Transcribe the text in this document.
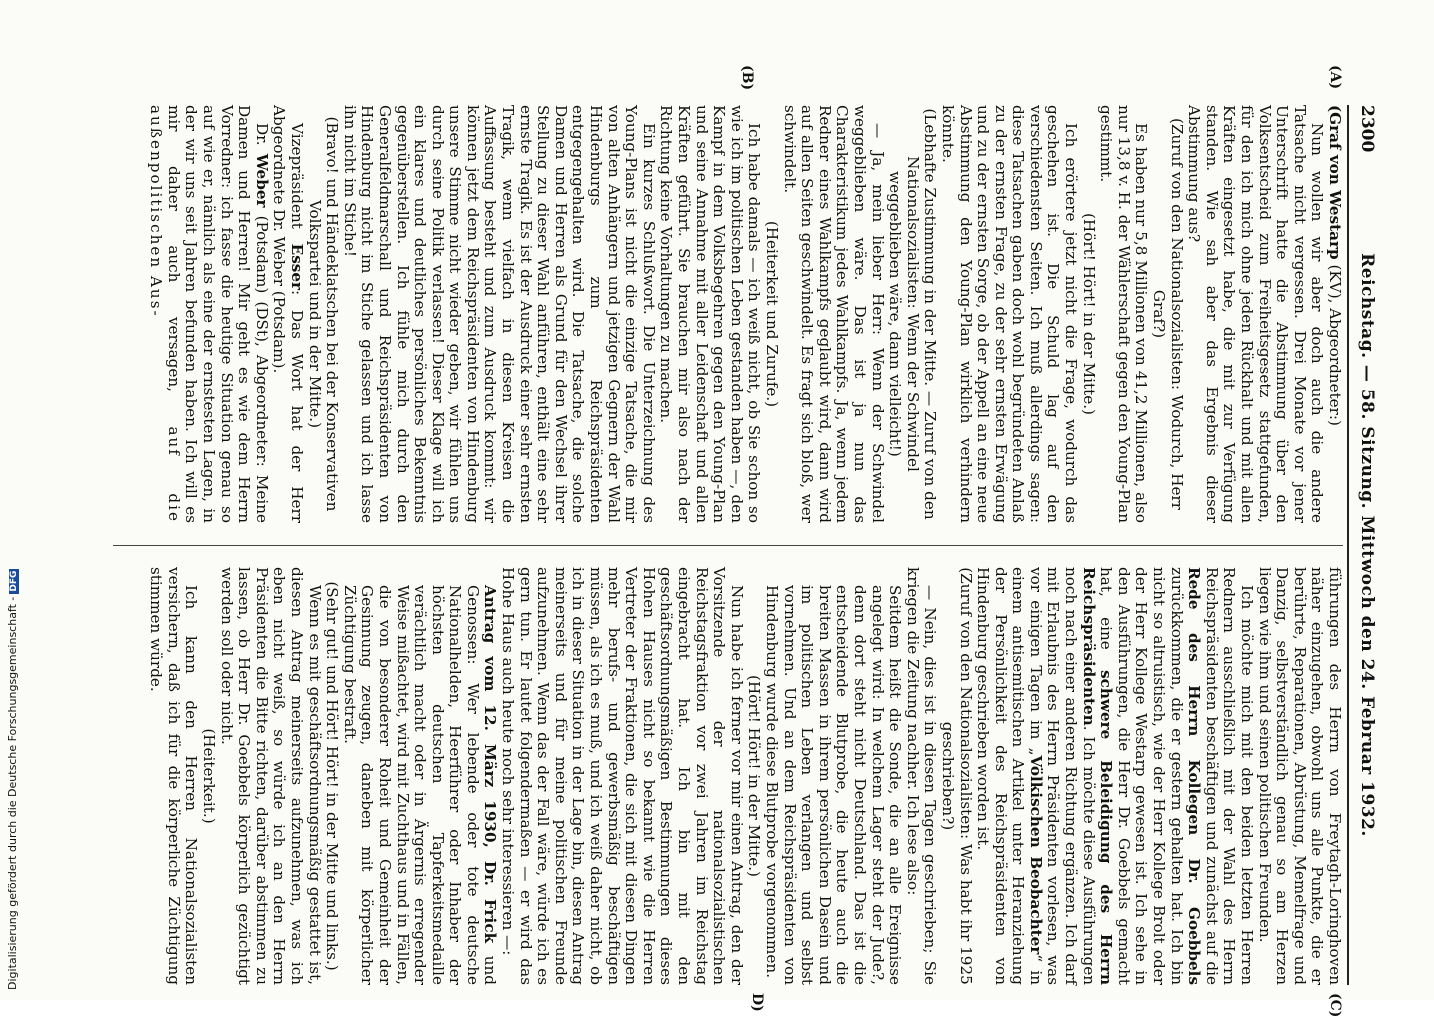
2300
Reichstag. — 58. Sitzung. Mittwoch den 24. Februar 1932.
(A)
(B)
(C)
D)

(Graf von Westarp (KV), Abgeordneter:)

Nun wollen wir aber doch auch die andere Tatsache nicht vergessen. Drei Monate vor jener Unterschrift hatte die Abstimmung über den Volksentscheid zum Freiheitsgesetz stattgefunden, für den ich mich ohne jeden Rückhalt und mit allen Kräften eingesetzt habe, die mit zur Verfügung standen. Wie sah aber das Ergebnis dieser Abstimmung aus?

(Zuruf von den Nationalsozialisten: Wodurch, Herr Graf?)

Es haben nur 5,8 Millionen von 41,2 Millionen, also nur 13,8 v. H. der Wählerschaft gegen den Young-Plan gestimmt.

(Hört! Hört! in der Mitte.)

Ich erörtere jetzt nicht die Frage, wodurch das geschehen ist. Die Schuld lag auf den verschiedensten Seiten. Ich muß allerdings sagen: diese Tatsachen gaben doch wohl begründeten Anlaß zu der ernsten Frage, zu der sehr ernsten Erwägung und zu der ernsten Sorge, ob der Appell an eine neue Abstimmung den Young-Plan wirklich verhindern könnte.

(Lebhafte Zustimmung in der Mitte. — Zuruf von den Nationalsozialisten: Wenn der Schwindel weggeblieben wäre, dann vielleicht!)

— Ja, mein lieber Herr: Wenn der Schwindel weggeblieben wäre. Das ist ja nun das Charakteristikum jedes Wahlkampfs. Ja, wenn jedem Redner eines Wahlkampfs geglaubt wird, dann wird auf allen Seiten geschwindelt. Es fragt sich bloß, wer schwindelt.

(Heiterkeit und Zurufe.)

Ich habe damals — ich weiß nicht, ob Sie schon so wie ich im politischen Leben gestanden haben —, den Kampf in dem Volksbegehren gegen den Young-Plan und seine Annahme mit aller Leidenschaft und allen Kräften geführt. Sie brauchen mir also nach der Richtung keine Vorhaltungen zu machen.

Ein kurzes Schlußwort. Die Unterzeichnung des Young-Plans ist nicht die einzige Tatsache, die mir von alten Anhängern und jetzigen Gegnern der Wahl Hindenburgs zum Reichspräsidenten entgegengehalten wird. Die Tatsache, die solche Damen und Herren als Grund für den Wechsel ihrer Stellung zu dieser Wahl anführen, enthält eine sehr ernste Tragik. Es ist der Ausdruck einer sehr ernsten Tragik, wenn vielfach in diesen Kreisen die Auffassung besteht und zum Ausdruck kommt: wir können jetzt dem Reichspräsidenten von Hindenburg unsere Stimme nicht wieder geben, wir fühlen uns durch seine Politik verlassen! Dieser Klage will ich ein klares und deutliches persönliches Bekenntnis gegenüberstellen. Ich fühle mich durch den Generalfeldmarschall und Reichspräsidenten von Hindenburg nicht im Stiche gelassen und ich lasse ihn nicht im Stiche!

(Bravo! und Händeklatschen bei der Konservativen Volkspartei und in der Mitte.)

Vizepräsident Esser: Das Wort hat der Herr Abgeordnete Dr. Weber (Potsdam).

Dr. Weber (Potsdam) (DSt), Abgeordneter: Meine Damen und Herren! Mir geht es wie dem Herrn Vorredner: ich fasse die heutige Situation genau so auf wie er, nämlich als eine der ernstesten Lagen, in der wir uns seit Jahren befunden haben. Ich will es mir daher auch versagen, auf die außenpolitischen Aus-

führungen des Herrn von Freytagh-Loringhoven näher einzugehen, obwohl uns alle Punkte, die er berührte, Reparationen, Abrüstung, Memelfrage und Danzig, selbstverständlich genau so am Herzen liegen wie ihm und seinen politischen Freunden.

Ich möchte mich mit den beiden letzten Herren Rednern ausschließlich mit der Wahl des Herrn Reichspräsidenten beschäftigen und zunächst auf die Rede des Herrn Kollegen Dr. Goebbels zurückkommen, die er gestern gehalten hat. Ich bin nicht so altruistisch, wie der Herr Kollege Brolt oder der Herr Kollege Westarp gewesen ist. Ich sehe in den Ausführungen, die Herr Dr. Goebbels gemacht hat, eine schwere Beleidigung des Herrn Reichspräsidenten. Ich möchte diese Ausführungen noch nach einer anderen Richtung ergänzen. Ich darf mit Erlaubnis des Herrn Präsidenten vorlesen, was vor einigen Tagen im „Völkischen Beobachter“ in einem antisemitischen Artikel unter Heranziehung der Persönlichkeit des Reichspräsidenten von Hindenburg geschrieben worden ist.

(Zuruf von den Nationalsozialisten: Was habt ihr 1925 geschrieben?)

— Nein, dies ist in diesen Tagen geschrieben; Sie kriegen die Zeitung nachher. Ich lese also:

Seitdem heißt die Sonde, die an alle Ereignisse angelegt wird: In welchem Lager steht der Jude?, denn dort steht nicht Deutschland. Das ist die entscheidende Blutprobe, die heute auch die breiten Massen in ihrem persönlichen Dasein und im politischen Leben verlangen und selbst vornehmen. Und an dem Reichspräsidenten von Hindenburg wurde diese Blutprobe vorgenommen.

(Hört! Hört! in der Mitte.)

Nun habe ich ferner vor mir einen Antrag, den der Vorsitzende der nationalsozialistischen Reichstagsfraktion vor zwei Jahren im Reichstag eingebracht hat. Ich bin mit den geschäftsordnungsmäßigen Bestimmungen dieses Hohen Hauses nicht so bekannt wie die Herren Vertreter der Fraktionen, die sich mit diesen Dingen mehr berufs- und gewerbsmäßig beschäftigen müssen, als ich es muß, und ich weiß daher nicht, ob ich in dieser Situation in der Lage bin, diesen Antrag meinerseits und für meine politischen Freunde aufzunehmen. Wenn das der Fall wäre, würde ich es gern tun. Er lautet folgendermaßen — er wird das Hohe Haus auch heute noch sehr interessieren —:

Antrag vom 12. März 1930, Dr. Frick und Genossen: Wer lebende oder tote deutsche Nationalhelden, Heerführer oder Inhaber der höchsten deutschen Tapferkeitsmedaille verächtlich macht oder in Ärgernis erregender Weise mißachtet, wird mit Zuchthaus und in Fällen, die von besonderer Roheit und Gemeinheit der Gesinnung zeugen, daneben mit körperlicher Züchtigung bestraft.

(Sehr gut! und Hört! Hört! in der Mitte und links.)

Wenn es mit geschäftsordnungsmäßig gestattet ist, diesen Antrag meinerseits aufzunehmen, was ich eben nicht weiß, so würde ich an den Herrn Präsidenten die Bitte richten, darüber abstimmen zu lassen, ob Herr Dr. Goebbels körperlich gezüchtigt werden soll oder nicht.

(Heiterkeit.)

Ich kann den Herren Nationalsozialisten versichern, daß ich für die körperliche Züchtigung stimmen würde.

Digitalisierung gefördert durch die Deutsche Forschungsgemeinschaft -DFG
